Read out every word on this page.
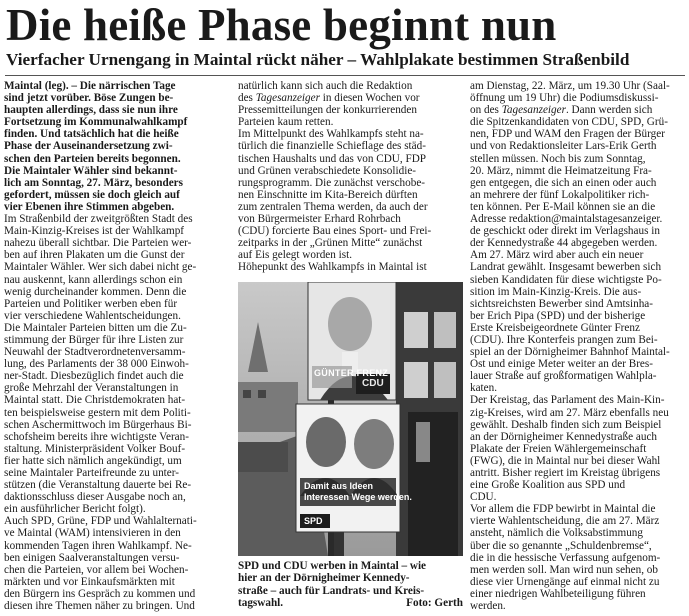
Die heiße Phase beginnt nun
Vierfacher Urnengang in Maintal rückt näher – Wahlplakate bestimmen Straßenbild
Maintal (leg). – Die närrischen Tage
sind jetzt vorüber. Böse Zungen be-
haupten allerdings, dass sie nun ihre
Fortsetzung im Kommunalwahlkampf
finden. Und tatsächlich hat die heiße
Phase der Auseinandersetzung zwi-
schen den Parteien bereits begonnen.
Die Maintaler Wähler sind bekannt-
lich am Sonntag, 27. März, besonders
gefordert, müssen sie doch gleich auf
vier Ebenen ihre Stimmen abgeben.
Im Straßenbild der zweitgrößten Stadt des
Main-Kinzig-Kreises ist der Wahlkampf
nahezu überall sichtbar. Die Parteien wer-
ben auf ihren Plakaten um die Gunst der
Maintaler Wähler. Wer sich dabei nicht ge-
nau auskennt, kann allerdings schon ein
wenig durcheinander kommen. Denn die
Parteien und Politiker werben eben für
vier verschiedene Wahlentscheidungen.
Die Maintaler Parteien bitten um die Zu-
stimmung der Bürger für ihre Listen zur
Neuwahl der Stadtverordnetenversamm-
lung, des Parlaments der 38 000 Einwoh-
ner-Stadt. Diesbezüglich findet auch die
große Mehrzahl der Veranstaltungen in
Maintal statt. Die Christdemokraten hat-
ten beispielsweise gestern mit dem Politi-
schen Aschermittwoch im Bürgerhaus Bi-
schofsheim bereits ihre wichtigste Veran-
staltung. Ministerpräsident Volker Bouf-
fier hatte sich nämlich angekündigt, um
seine Maintaler Parteifreunde zu unter-
stützen (die Veranstaltung dauerte bei Re-
daktionsschluss dieser Ausgabe noch an,
ein ausführlicher Bericht folgt).
Auch SPD, Grüne, FDP und Wahlalternati-
ve Maintal (WAM) intensivieren in den
kommenden Tagen ihren Wahlkampf. Ne-
ben einigen Saalveranstaltungen versu-
chen die Parteien, vor allem bei Wochen-
märkten und vor Einkaufsmärkten mit
den Bürgern ins Gespräch zu kommen und
diesen ihre Themen näher zu bringen. Und
natürlich kann sich auch die Redaktion
des Tagesanzeiger in diesen Wochen vor
Pressemitteilungen der konkurrierenden
Parteien kaum retten.
Im Mittelpunkt des Wahlkampfs steht na-
türlich die finanzielle Schieflage des städ-
tischen Haushalts und das von CDU, FDP
und Grünen verabschiedete Konsolidie-
rungsprogramm. Die zunächst verschobe-
nen Einschnitte im Kita-Bereich dürften
zum zentralen Thema werden, da auch der
von Bürgermeister Erhard Rohrbach
(CDU) forcierte Bau eines Sport- und Frei-
zeitparks in der „Grünen Mitte“ zunächst
auf Eis gelegt worden ist.
Höhepunkt des Wahlkampfs in Maintal ist
am Dienstag, 22. März, um 19.30 Uhr (Saal-
öffnung um 19 Uhr) die Podiumsdiskussi-
on des Tagesanzeiger. Dann werden sich
die Spitzenkandidaten von CDU, SPD, Grü-
nen, FDP und WAM den Fragen der Bürger
und von Redaktionsleiter Lars-Erik Gerth
stellen müssen. Noch bis zum Sonntag,
20. März, nimmt die Heimatzeitung Fra-
gen entgegen, die sich an einen oder auch
an mehrere der fünf Lokalpolitiker rich-
ten können. Per E-Mail können sie an die
Adresse redaktion@maintalstagesanzeiger.
de geschickt oder direkt im Verlagshaus in
der Kennedystraße 44 abgegeben werden.
Am 27. März wird aber auch ein neuer
Landrat gewählt. Insgesamt bewerben sich
sieben Kandidaten für diese wichtigste Po-
sition im Main-Kinzig-Kreis. Die aus-
sichtsreichsten Bewerber sind Amtsinha-
ber Erich Pipa (SPD) und der bisherige
Erste Kreisbeigeordnete Günter Frenz
(CDU). Ihre Konterfeis prangen zum Bei-
spiel an der Dörnigheimer Bahnhof Maintal-
Ost und einige Meter weiter an der Bres-
lauer Straße auf großformatigen Wahlpla-
katen.
Der Kreistag, das Parlament des Main-Kin-
zig-Kreises, wird am 27. März ebenfalls neu
gewählt. Deshalb finden sich zum Beispiel
an der Dörnigheimer Kennedystraße auch
Plakate der Freien Wählergemeinschaft
(FWG), die in Maintal nur bei dieser Wahl
antritt. Bisher regiert im Kreistag übrigens
eine Große Koalition aus SPD und
CDU.
Vor allem die FDP bewirbt in Maintal die
vierte Wahlentscheidung, die am 27. März
ansteht, nämlich die Volksabstimmung
über die so genannte „Schuldenbremse“,
die in die hessische Verfassung aufgenom-
men werden soll. Man wird nun sehen, ob
diese vier Urnengänge auf einmal nicht zu
einer niedrigen Wahlbeteiligung führen
werden.
GÜNTER FRENZ
CDU
Damit aus Ideen
Interessen Wege werden.
SPD
SPD und CDU werben in Maintal – wie
hier an der Dörnigheimer Kennedy-
straße – auch für Landrats- und Kreis-
tagswahl.	Foto: Gerth
